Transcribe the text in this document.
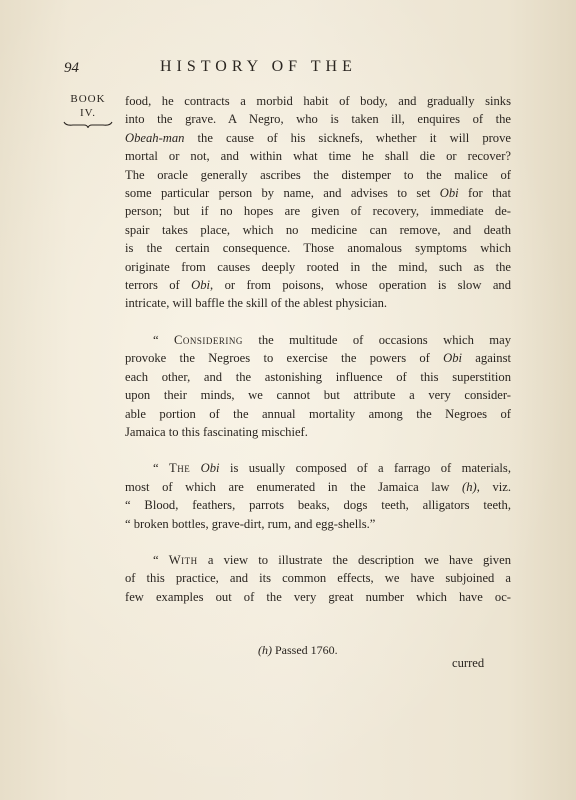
94	HISTORY OF THE
BOOK
IV.

food, he contracts a morbid habit of body, and gradually sinks
into the grave. A Negro, who is taken ill, enquires of the
Obeah-man the cause of his sicknefs, whether it will prove
mortal or not, and within what time he shall die or recover?
The oracle generally ascribes the distemper to the malice of
some particular person by name, and advises to set Obi for that
person; but if no hopes are given of recovery, immediate de-
spair takes place, which no medicine can remove, and death
is the certain consequence. Those anomalous symptoms which
originate from causes deeply rooted in the mind, such as the
terrors of Obi, or from poisons, whose operation is slow and
intricate, will baffle the skill of the ablest physician.

“ Considering the multitude of occasions which may
provoke the Negroes to exercise the powers of Obi against
each other, and the astonishing influence of this superstition
upon their minds, we cannot but attribute a very consider-
able portion of the annual mortality among the Negroes of
Jamaica to this fascinating mischief.

“ The Obi is usually composed of a farrago of materials,
most of which are enumerated in the Jamaica law (h), viz.
“ Blood, feathers, parrots beaks, dogs teeth, alligators teeth,
“ broken bottles, grave-dirt, rum, and egg-shells.”

“ With a view to illustrate the description we have given
of this practice, and its common effects, we have subjoined a
few examples out of the very great number which have oc-

(h) Passed 1760.
curred
